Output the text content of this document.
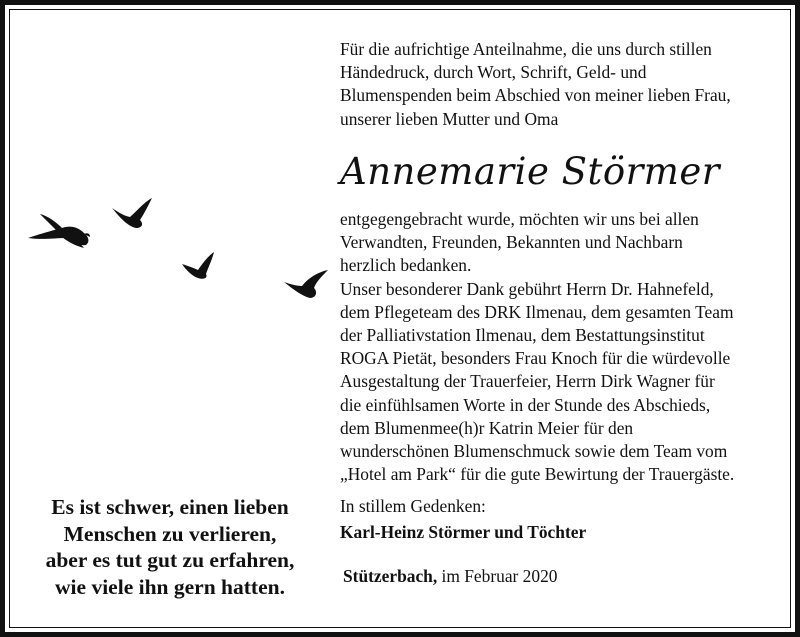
Für die aufrichtige Anteilnahme, die uns durch stillen
Händedruck, durch Wort, Schrift, Geld- und
Blumenspenden beim Abschied von meiner lieben Frau,
unserer lieben Mutter und Oma
Annemarie Störmer
entgegengebracht wurde, möchten wir uns bei allen
Verwandten, Freunden, Bekannten und Nachbarn
herzlich bedanken.
Unser besonderer Dank gebührt Herrn Dr. Hahnefeld,
dem Pflegeteam des DRK Ilmenau, dem gesamten Team
der Palliativstation Ilmenau, dem Bestattungsinstitut
ROGA Pietät, besonders Frau Knoch für die würdevolle
Ausgestaltung der Trauerfeier, Herrn Dirk Wagner für
die einfühlsamen Worte in der Stunde des Abschieds,
dem Blumenmee(h)r Katrin Meier für den
wunderschönen Blumenschmuck sowie dem Team vom
„Hotel am Park“ für die gute Bewirtung der Trauergäste.
In stillem Gedenken:
Karl-Heinz Störmer und Töchter
Stützerbach, im Februar 2020
Es ist schwer, einen lieben
Menschen zu verlieren,
aber es tut gut zu erfahren,
wie viele ihn gern hatten.
